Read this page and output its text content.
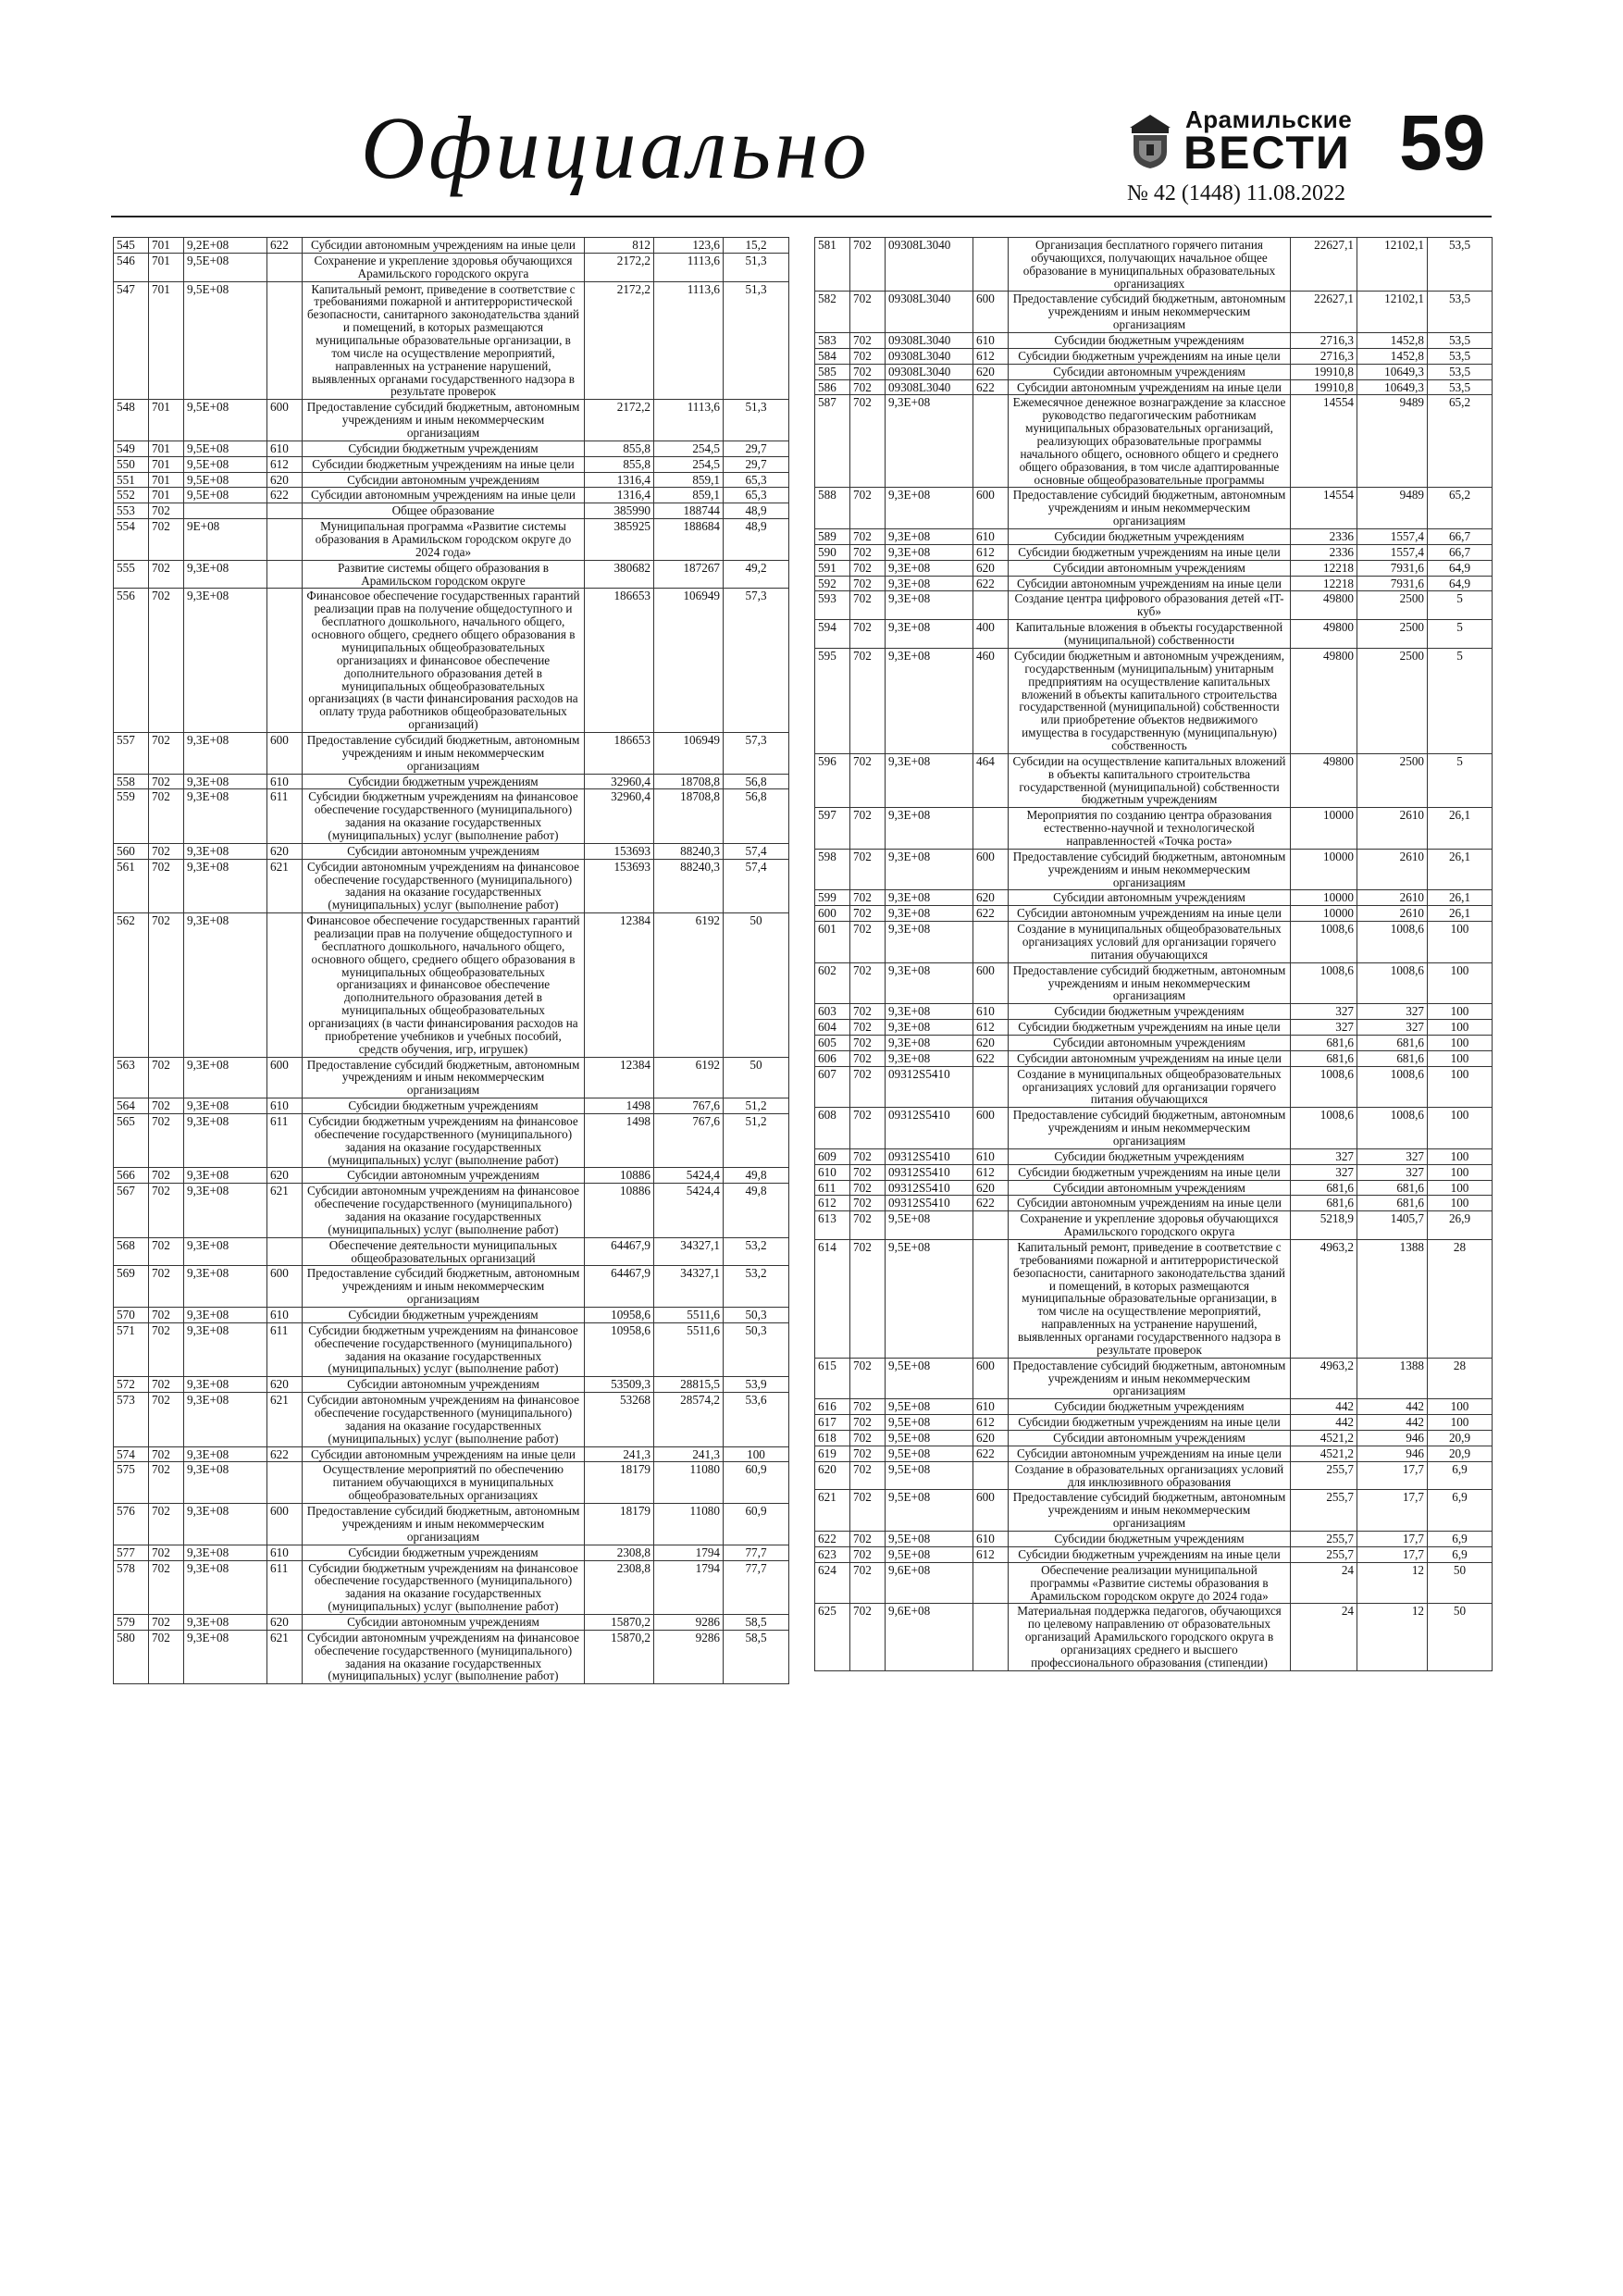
Официально	Арамильские
ВЕСТИ 59
№ 42 (1448) 11.08.2022
545	701	9,2E+08	622	Субсидии автономным учреждениям на иные цели	812	123,6	15,2
546	701	9,5E+08		Сохранение и укрепление здоровья обучающихся Арамильского городского округа	2172,2	1113,6	51,3
547	701	9,5E+08		Капитальный ремонт, приведение в соответствие с требованиями пожарной и антитеррористической безопасности, санитарного законодательства зданий и помещений, в которых размещаются муниципальные образовательные организации, в том числе на осуществление мероприятий, направленных на устранение нарушений, выявленных органами государственного надзора в результате проверок	2172,2	1113,6	51,3
548	701	9,5E+08	600	Предоставление субсидий бюджетным, автономным учреждениям и иным некоммерческим организациям	2172,2	1113,6	51,3
549	701	9,5E+08	610	Субсидии бюджетным учреждениям	855,8	254,5	29,7
550	701	9,5E+08	612	Субсидии бюджетным учреждениям на иные цели	855,8	254,5	29,7
551	701	9,5E+08	620	Субсидии автономным учреждениям	1316,4	859,1	65,3
552	701	9,5E+08	622	Субсидии автономным учреждениям на иные цели	1316,4	859,1	65,3
553	702			Общее образование	385990	188744	48,9
554	702	9E+08		Муниципальная программа «Развитие системы образования в Арамильском городском округе до 2024 года»	385925	188684	48,9
555	702	9,3E+08		Развитие системы общего образования в Арамильском городском округе	380682	187267	49,2
556	702	9,3E+08		Финансовое обеспечение государственных гарантий реализации прав на получение общедоступного и бесплатного дошкольного, начального общего, основного общего, среднего общего образования в муниципальных общеобразовательных организациях и финансовое обеспечение дополнительного образования детей в муниципальных общеобразовательных организациях (в части финансирования расходов на оплату труда работников общеобразовательных организаций)	186653	106949	57,3
557	702	9,3E+08	600	Предоставление субсидий бюджетным, автономным учреждениям и иным некоммерческим организациям	186653	106949	57,3
558	702	9,3E+08	610	Субсидии бюджетным учреждениям	32960,4	18708,8	56,8
559	702	9,3E+08	611	Субсидии бюджетным учреждениям на финансовое обеспечение государственного (муниципального) задания на оказание государственных (муниципальных) услуг (выполнение работ)	32960,4	18708,8	56,8
560	702	9,3E+08	620	Субсидии автономным учреждениям	153693	88240,3	57,4
561	702	9,3E+08	621	Субсидии автономным учреждениям на финансовое обеспечение государственного (муниципального) задания на оказание государственных (муниципальных) услуг (выполнение работ)	153693	88240,3	57,4
562	702	9,3E+08		Финансовое обеспечение государственных гарантий реализации прав на получение общедоступного и бесплатного дошкольного, начального общего, основного общего, среднего общего образования в муниципальных общеобразовательных организациях и финансовое обеспечение дополнительного образования детей в муниципальных общеобразовательных организациях (в части финансирования расходов на приобретение учебников и учебных пособий, средств обучения, игр, игрушек)	12384	6192	50
563	702	9,3E+08	600	Предоставление субсидий бюджетным, автономным учреждениям и иным некоммерческим организациям	12384	6192	50
564	702	9,3E+08	610	Субсидии бюджетным учреждениям	1498	767,6	51,2
565	702	9,3E+08	611	Субсидии бюджетным учреждениям на финансовое обеспечение государственного (муниципального) задания на оказание государственных (муниципальных) услуг (выполнение работ)	1498	767,6	51,2
566	702	9,3E+08	620	Субсидии автономным учреждениям	10886	5424,4	49,8
567	702	9,3E+08	621	Субсидии автономным учреждениям на финансовое обеспечение государственного (муниципального) задания на оказание государственных (муниципальных) услуг (выполнение работ)	10886	5424,4	49,8
568	702	9,3E+08		Обеспечение деятельности муниципальных общеобразовательных организаций	64467,9	34327,1	53,2
569	702	9,3E+08	600	Предоставление субсидий бюджетным, автономным учреждениям и иным некоммерческим организациям	64467,9	34327,1	53,2
570	702	9,3E+08	610	Субсидии бюджетным учреждениям	10958,6	5511,6	50,3
571	702	9,3E+08	611	Субсидии бюджетным учреждениям на финансовое обеспечение государственного (муниципального) задания на оказание государственных (муниципальных) услуг (выполнение работ)	10958,6	5511,6	50,3
572	702	9,3E+08	620	Субсидии автономным учреждениям	53509,3	28815,5	53,9
573	702	9,3E+08	621	Субсидии автономным учреждениям на финансовое обеспечение государственного (муниципального) задания на оказание государственных (муниципальных) услуг (выполнение работ)	53268	28574,2	53,6
574	702	9,3E+08	622	Субсидии автономным учреждениям на иные цели	241,3	241,3	100
575	702	9,3E+08		Осуществление мероприятий по обеспечению питанием обучающихся в муниципальных общеобразовательных организациях	18179	11080	60,9
576	702	9,3E+08	600	Предоставление субсидий бюджетным, автономным учреждениям и иным некоммерческим организациям	18179	11080	60,9
577	702	9,3E+08	610	Субсидии бюджетным учреждениям	2308,8	1794	77,7
578	702	9,3E+08	611	Субсидии бюджетным учреждениям на финансовое обеспечение государственного (муниципального) задания на оказание государственных (муниципальных) услуг (выполнение работ)	2308,8	1794	77,7
579	702	9,3E+08	620	Субсидии автономным учреждениям	15870,2	9286	58,5
580	702	9,3E+08	621	Субсидии автономным учреждениям на финансовое обеспечение государственного (муниципального) задания на оказание государственных (муниципальных) услуг (выполнение работ)	15870,2	9286	58,5
581	702	09308L3040		Организация бесплатного горячего питания обучающихся, получающих начальное общее образование в муниципальных образовательных организациях	22627,1	12102,1	53,5
582	702	09308L3040	600	Предоставление субсидий бюджетным, автономным учреждениям и иным некоммерческим организациям	22627,1	12102,1	53,5
583	702	09308L3040	610	Субсидии бюджетным учреждениям	2716,3	1452,8	53,5
584	702	09308L3040	612	Субсидии бюджетным учреждениям на иные цели	2716,3	1452,8	53,5
585	702	09308L3040	620	Субсидии автономным учреждениям	19910,8	10649,3	53,5
586	702	09308L3040	622	Субсидии автономным учреждениям на иные цели	19910,8	10649,3	53,5
587	702	9,3E+08		Ежемесячное денежное вознаграждение за классное руководство педагогическим работникам муниципальных образовательных организаций, реализующих образовательные программы начального общего, основного общего и среднего общего образования, в том числе адаптированные основные общеобразовательные программы	14554	9489	65,2
588	702	9,3E+08	600	Предоставление субсидий бюджетным, автономным учреждениям и иным некоммерческим организациям	14554	9489	65,2
589	702	9,3E+08	610	Субсидии бюджетным учреждениям	2336	1557,4	66,7
590	702	9,3E+08	612	Субсидии бюджетным учреждениям на иные цели	2336	1557,4	66,7
591	702	9,3E+08	620	Субсидии автономным учреждениям	12218	7931,6	64,9
592	702	9,3E+08	622	Субсидии автономным учреждениям на иные цели	12218	7931,6	64,9
593	702	9,3E+08		Создание центра цифрового образования детей «IT-куб»	49800	2500	5
594	702	9,3E+08	400	Капитальные вложения в объекты государственной (муниципальной) собственности	49800	2500	5
595	702	9,3E+08	460	Субсидии бюджетным и автономным учреждениям, государственным (муниципальным) унитарным предприятиям на осуществление капитальных вложений в объекты капитального строительства государственной (муниципальной) собственности или приобретение объектов недвижимого имущества в государственную (муниципальную) собственность	49800	2500	5
596	702	9,3E+08	464	Субсидии на осуществление капитальных вложений в объекты капитального строительства государственной (муниципальной) собственности бюджетным учреждениям	49800	2500	5
597	702	9,3E+08		Мероприятия по созданию центра образования естественно-научной и технологической направленностей «Точка роста»	10000	2610	26,1
598	702	9,3E+08	600	Предоставление субсидий бюджетным, автономным учреждениям и иным некоммерческим организациям	10000	2610	26,1
599	702	9,3E+08	620	Субсидии автономным учреждениям	10000	2610	26,1
600	702	9,3E+08	622	Субсидии автономным учреждениям на иные цели	10000	2610	26,1
601	702	9,3E+08		Создание в муниципальных общеобразовательных организациях условий для организации горячего питания обучающихся	1008,6	1008,6	100
602	702	9,3E+08	600	Предоставление субсидий бюджетным, автономным учреждениям и иным некоммерческим организациям	1008,6	1008,6	100
603	702	9,3E+08	610	Субсидии бюджетным учреждениям	327	327	100
604	702	9,3E+08	612	Субсидии бюджетным учреждениям на иные цели	327	327	100
605	702	9,3E+08	620	Субсидии автономным учреждениям	681,6	681,6	100
606	702	9,3E+08	622	Субсидии автономным учреждениям на иные цели	681,6	681,6	100
607	702	09312S5410		Создание в муниципальных общеобразовательных организациях условий для организации горячего питания обучающихся	1008,6	1008,6	100
608	702	09312S5410	600	Предоставление субсидий бюджетным, автономным учреждениям и иным некоммерческим организациям	1008,6	1008,6	100
609	702	09312S5410	610	Субсидии бюджетным учреждениям	327	327	100
610	702	09312S5410	612	Субсидии бюджетным учреждениям на иные цели	327	327	100
611	702	09312S5410	620	Субсидии автономным учреждениям	681,6	681,6	100
612	702	09312S5410	622	Субсидии автономным учреждениям на иные цели	681,6	681,6	100
613	702	9,5E+08		Сохранение и укрепление здоровья обучающихся Арамильского городского округа	5218,9	1405,7	26,9
614	702	9,5E+08		Капитальный ремонт, приведение в соответствие с требованиями пожарной и антитеррористической безопасности, санитарного законодательства зданий и помещений, в которых размещаются муниципальные образовательные организации, в том числе на осуществление мероприятий, направленных на устранение нарушений, выявленных органами государственного надзора в результате проверок	4963,2	1388	28
615	702	9,5E+08	600	Предоставление субсидий бюджетным, автономным учреждениям и иным некоммерческим организациям	4963,2	1388	28
616	702	9,5E+08	610	Субсидии бюджетным учреждениям	442	442	100
617	702	9,5E+08	612	Субсидии бюджетным учреждениям на иные цели	442	442	100
618	702	9,5E+08	620	Субсидии автономным учреждениям	4521,2	946	20,9
619	702	9,5E+08	622	Субсидии автономным учреждениям на иные цели	4521,2	946	20,9
620	702	9,5E+08		Создание в образовательных организациях условий для инклюзивного образования	255,7	17,7	6,9
621	702	9,5E+08	600	Предоставление субсидий бюджетным, автономным учреждениям и иным некоммерческим организациям	255,7	17,7	6,9
622	702	9,5E+08	610	Субсидии бюджетным учреждениям	255,7	17,7	6,9
623	702	9,5E+08	612	Субсидии бюджетным учреждениям на иные цели	255,7	17,7	6,9
624	702	9,6E+08		Обеспечение реализации муниципальной программы «Развитие системы образования в Арамильском городском округе до 2024 года»	24	12	50
625	702	9,6E+08		Материальная поддержка педагогов, обучающихся по целевому направлению от образовательных организаций Арамильского городского округа в организациях среднего и высшего профессионального образования (стипендии)	24	12	50
